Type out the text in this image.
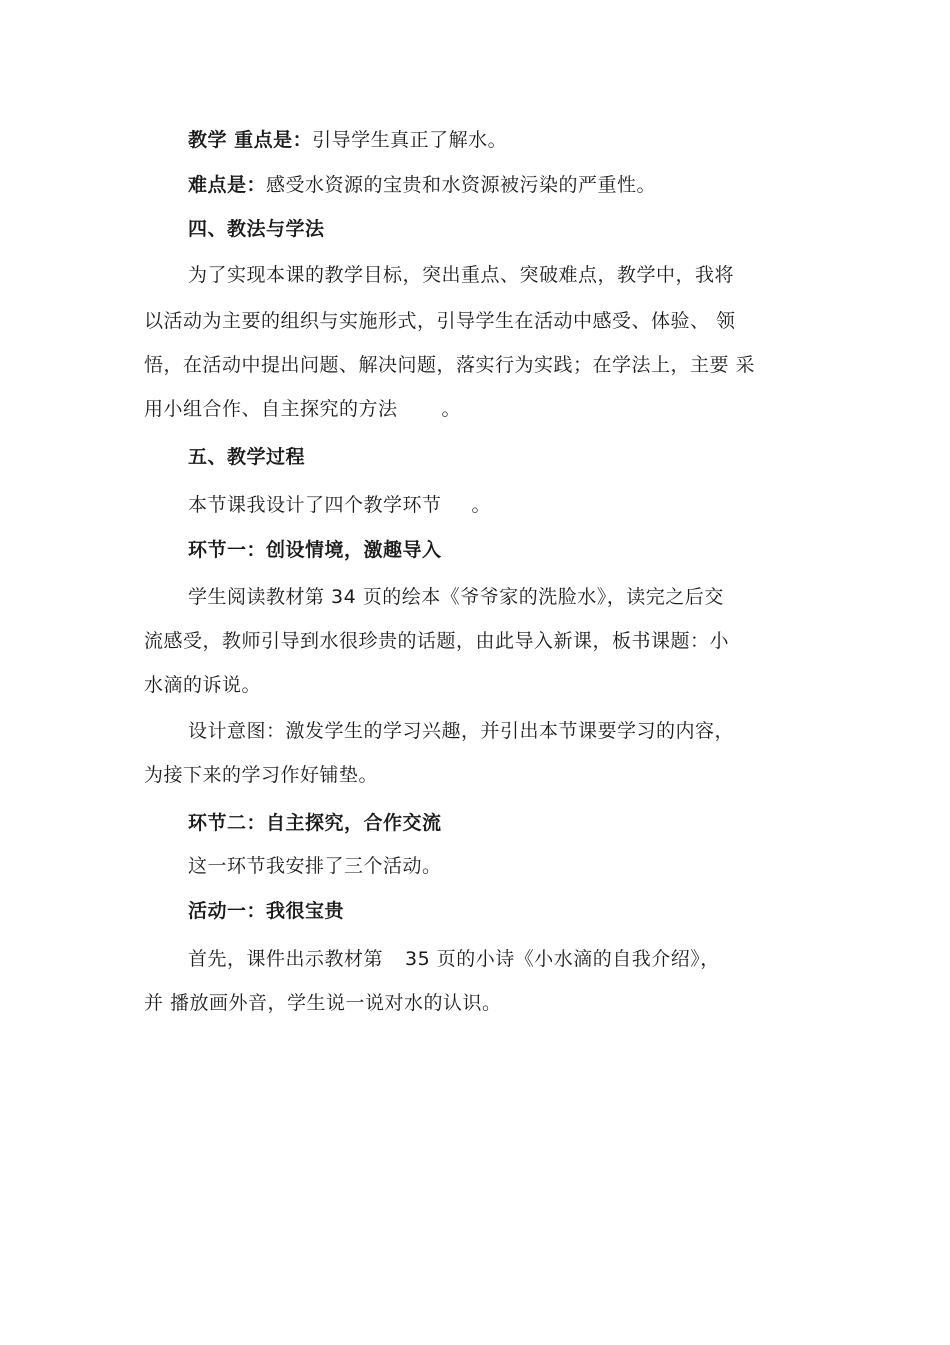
教学 重点是：引导学生真正了解水。
难点是：感受水资源的宝贵和水资源被污染的严重性。
四、教法与学法
为了实现本课的教学目标，突出重点、突破难点，教学中，我将
以活动为主要的组织与实施形式，引导学生在活动中感受、体验、 领
悟，在活动中提出问题、解决问题，落实行为实践；在学法上，主要 采
用小组合作、自主探究的方法 。
五、教学过程
本节课我设计了四个教学环节 。
环节一：创设情境，激趣导入
学生阅读教材第 34 页的绘本《爷爷家的洗脸水》，读完之后交
流感受，教师引导到水很珍贵的话题，由此导入新课，板书课题：小
水滴的诉说。
设计意图：激发学生的学习兴趣，并引出本节课要学习的内容，
为接下来的学习作好铺垫。
环节二：自主探究，合作交流
这一环节我安排了三个活动。
活动一：我很宝贵
首先，课件出示教材第 35 页的小诗《小水滴的自我介绍》，
并 播放画外音，学生说一说对水的认识。
